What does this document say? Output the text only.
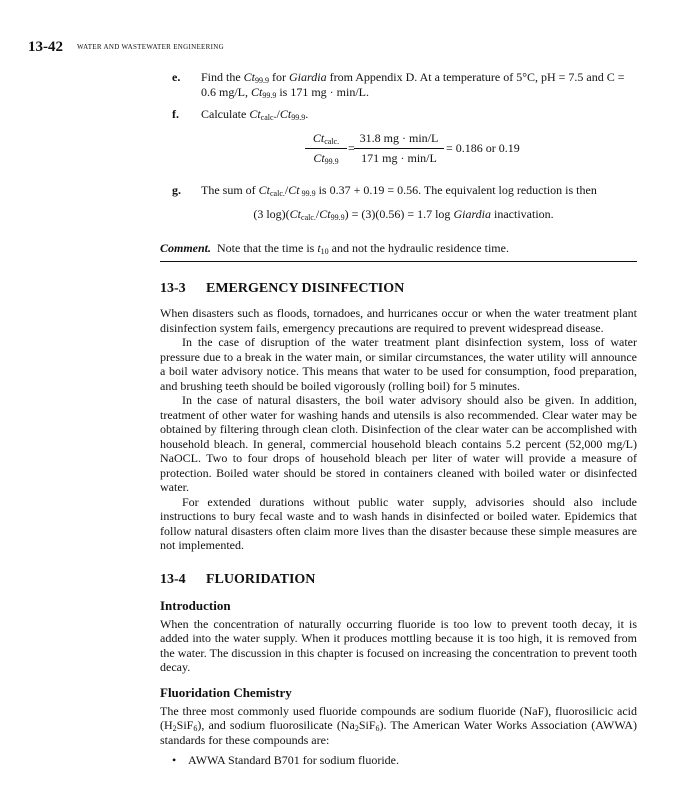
13-42 WATER AND WASTEWATER ENGINEERING
e. Find the $Ct_{99.9}$ for Giardia from Appendix D. At a temperature of 5°C, pH = 7.5 and C = 0.6 mg/L, $Ct_{99.9}$ is 171 mg · min/L.
f. Calculate $Ct_{calc}./Ct_{99.9}$.
$Ct_{calc.}$
$Ct_{99.9}$
=
31.8 mg · min/L
171 mg · min/L
= 0.186 or 0.19
g. The sum of $Ct_{calc.}/Ct$ $_{99.9}$ is 0.37 + 0.19 = 0.56. The equivalent log reduction is then
(3 $\log)(Ct_{calc.}/Ct_{99.9}) = (3)(0.56) = 1.7$ log Giardia inactivation.
Comment. Note that the time is $t_{10}$ and not the hydraulic residence time.
13-3 EMERGENCY DISINFECTION

When disasters such as floods, tornadoes, and hurricanes occur or when the water treatment plant disinfection system fails, emergency precautions are required to prevent widespread disease.

In the case of disruption of the water treatment plant disinfection system, loss of water pressure due to a break in the water main, or similar circumstances, the water utility will announce a boil water advisory notice. This means that water to be used for consumption, food preparation, and brushing teeth should be boiled vigorously (rolling boil) for 5 minutes.

In the case of natural disasters, the boil water advisory should also be given. In addition, treatment of other water for washing hands and utensils is also recommended. Clear water may be obtained by filtering through clean cloth. Disinfection of the clear water can be accomplished with household bleach. In general, commercial household bleach contains 5.2 percent (52,000 mg/L) NaOCL. Two to four drops of household bleach per liter of water will provide a measure of protection. Boiled water should be stored in containers cleaned with boiled water or disinfected water.

For extended durations without public water supply, advisories should also include instructions to bury fecal waste and to wash hands in disinfected or boiled water. Epidemics that follow natural disasters often claim more lives than the disaster because these simple measures are not implemented.

13-4 FLUORIDATION
Introduction

When the concentration of naturally occurring fluoride is too low to prevent tooth decay, it is added into the water supply. When it produces mottling because it is too high, it is removed from the water. The discussion in this chapter is focused on increasing the concentration to prevent tooth decay.

Fluoridation Chemistry

The three most commonly used fluoride compounds are sodium fluoride (NaF), fluorosilicic acid $(H_2SiF_6)$, and sodium fluorosilicate $(Na_2SiF_6)$. The American Water Works Association (AWWA) standards for these compounds are:

• AWWA Standard B701 for sodium fluoride.
